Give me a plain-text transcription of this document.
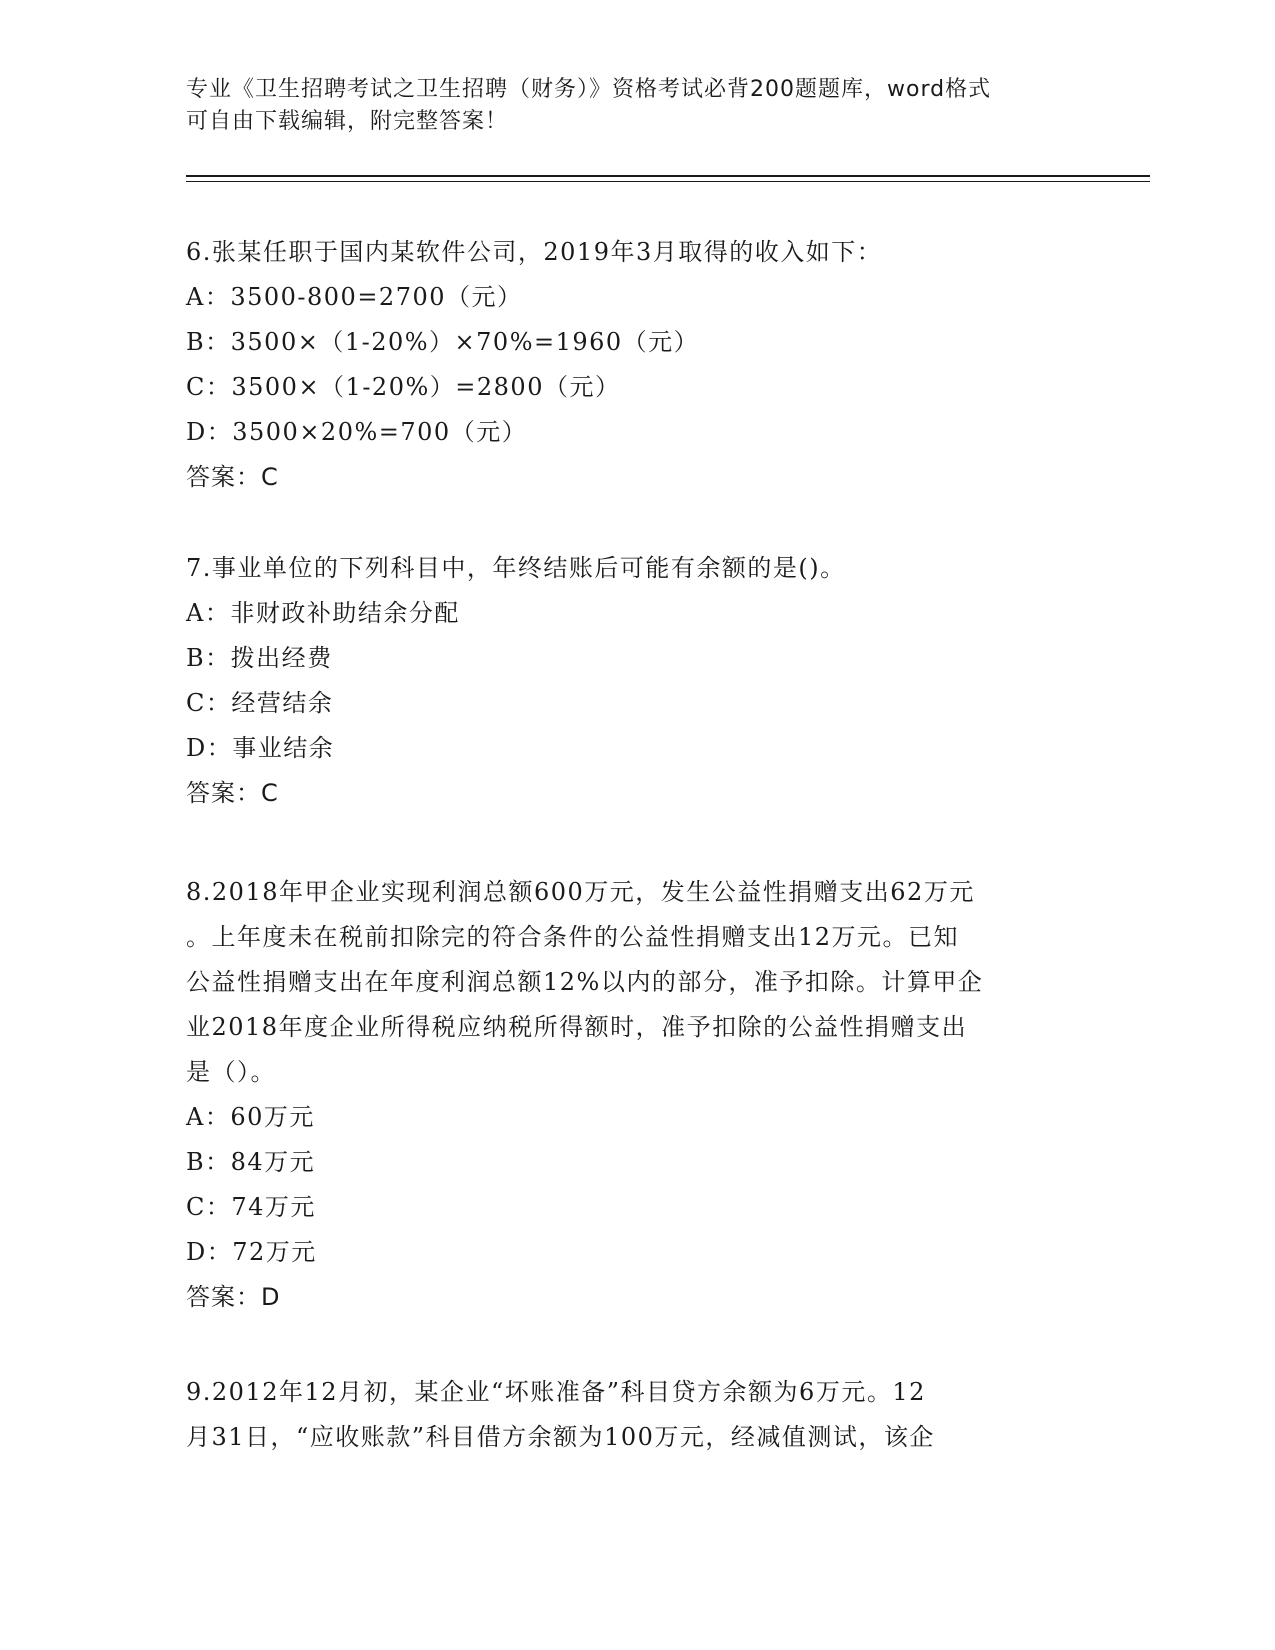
专业《卫生招聘考试之卫生招聘（财务）》资格考试必背200题题库，word格式
可自由下载编辑，附完整答案！

6.张某任职于国内某软件公司，2019年3月取得的收入如下：

A：3500-800=2700（元）

B：3500×（1-20%）×70%=1960（元）

C：3500×（1-20%）=2800（元）

D：3500×20%=700（元）

答案：C

7.事业单位的下列科目中，年终结账后可能有余额的是()。

A：非财政补助结余分配

B：拨出经费

C：经营结余

D：事业结余

答案：C

8.2018年甲企业实现利润总额600万元，发生公益性捐赠支出62万元

。上年度未在税前扣除完的符合条件的公益性捐赠支出12万元。已知

公益性捐赠支出在年度利润总额12%以内的部分，准予扣除。计算甲企

业2018年度企业所得税应纳税所得额时，准予扣除的公益性捐赠支出

是（）。

A：60万元

B：84万元

C：74万元

D：72万元

答案：D

9.2012年12月初，某企业“坏账准备”科目贷方余额为6万元。12

月31日，“应收账款”科目借方余额为100万元，经减值测试，该企
